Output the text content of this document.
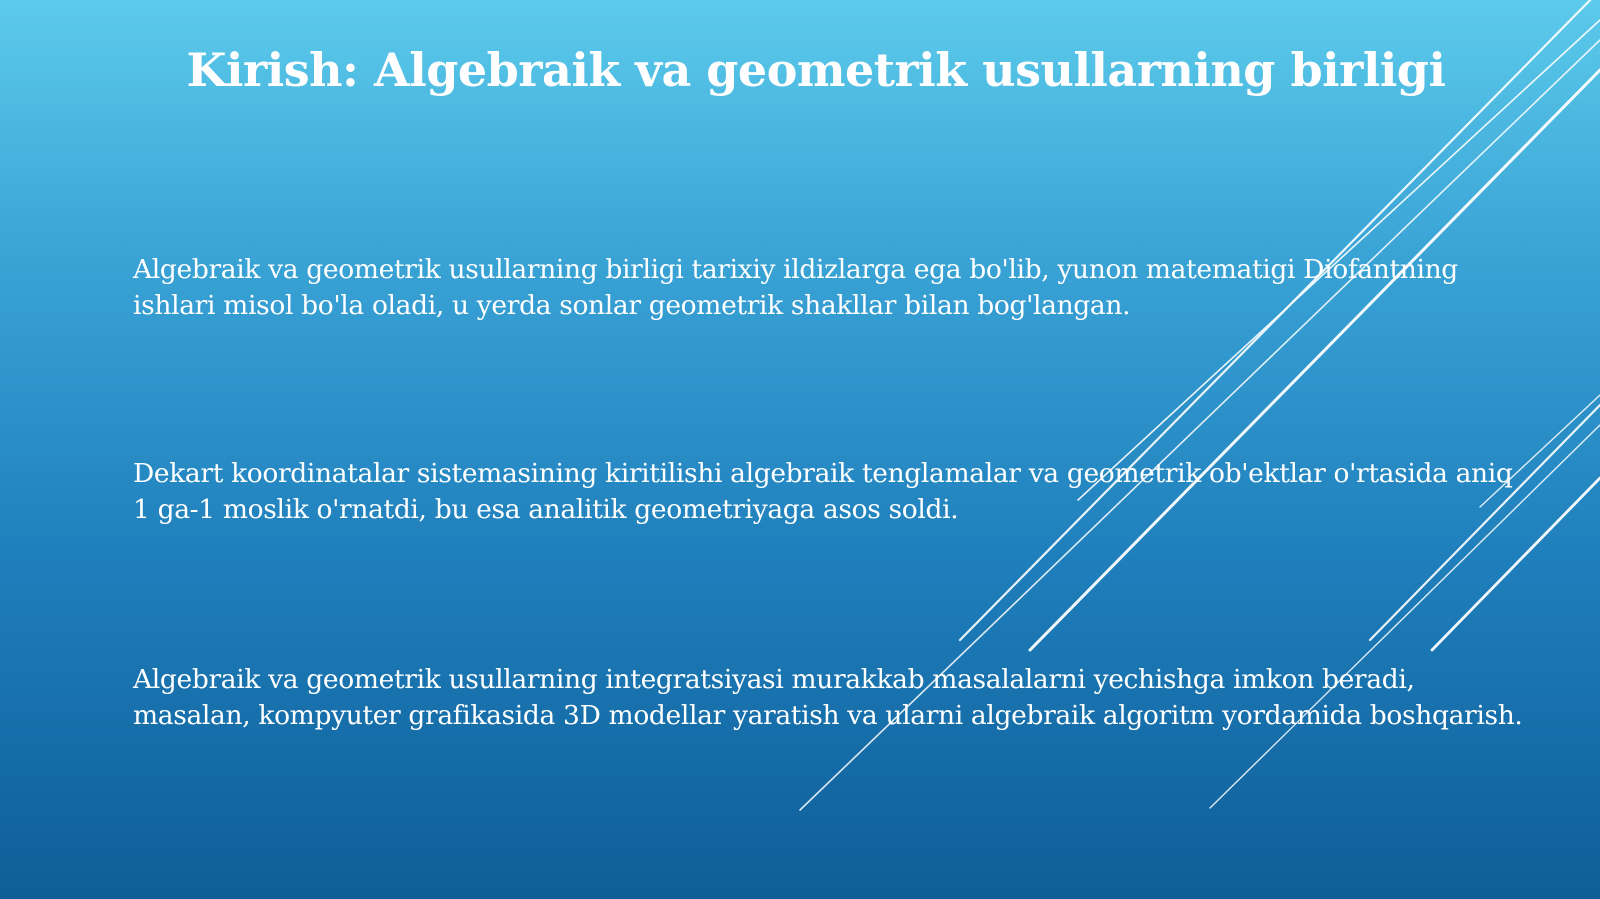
Kirish: Algebraik va geometrik usullarning birligi
Algebraik va geometrik usullarning birligi tarixiy ildizlarga ega bo'lib, yunon matematigi Diofantning ishlari misol bo'la oladi, u yerda sonlar geometrik shakllar bilan bog'langan.
Dekart koordinatalar sistemasining kiritilishi algebraik tenglamalar va geometrik ob'ektlar o'rtasida aniq 1 ga-1 moslik o'rnatdi, bu esa analitik geometriyaga asos soldi.
Algebraik va geometrik usullarning integratsiyasi murakkab masalalarni yechishga imkon beradi, masalan, kompyuter grafikasida 3D modellar yaratish va ularni algebraik algoritm yordamida boshqarish.
